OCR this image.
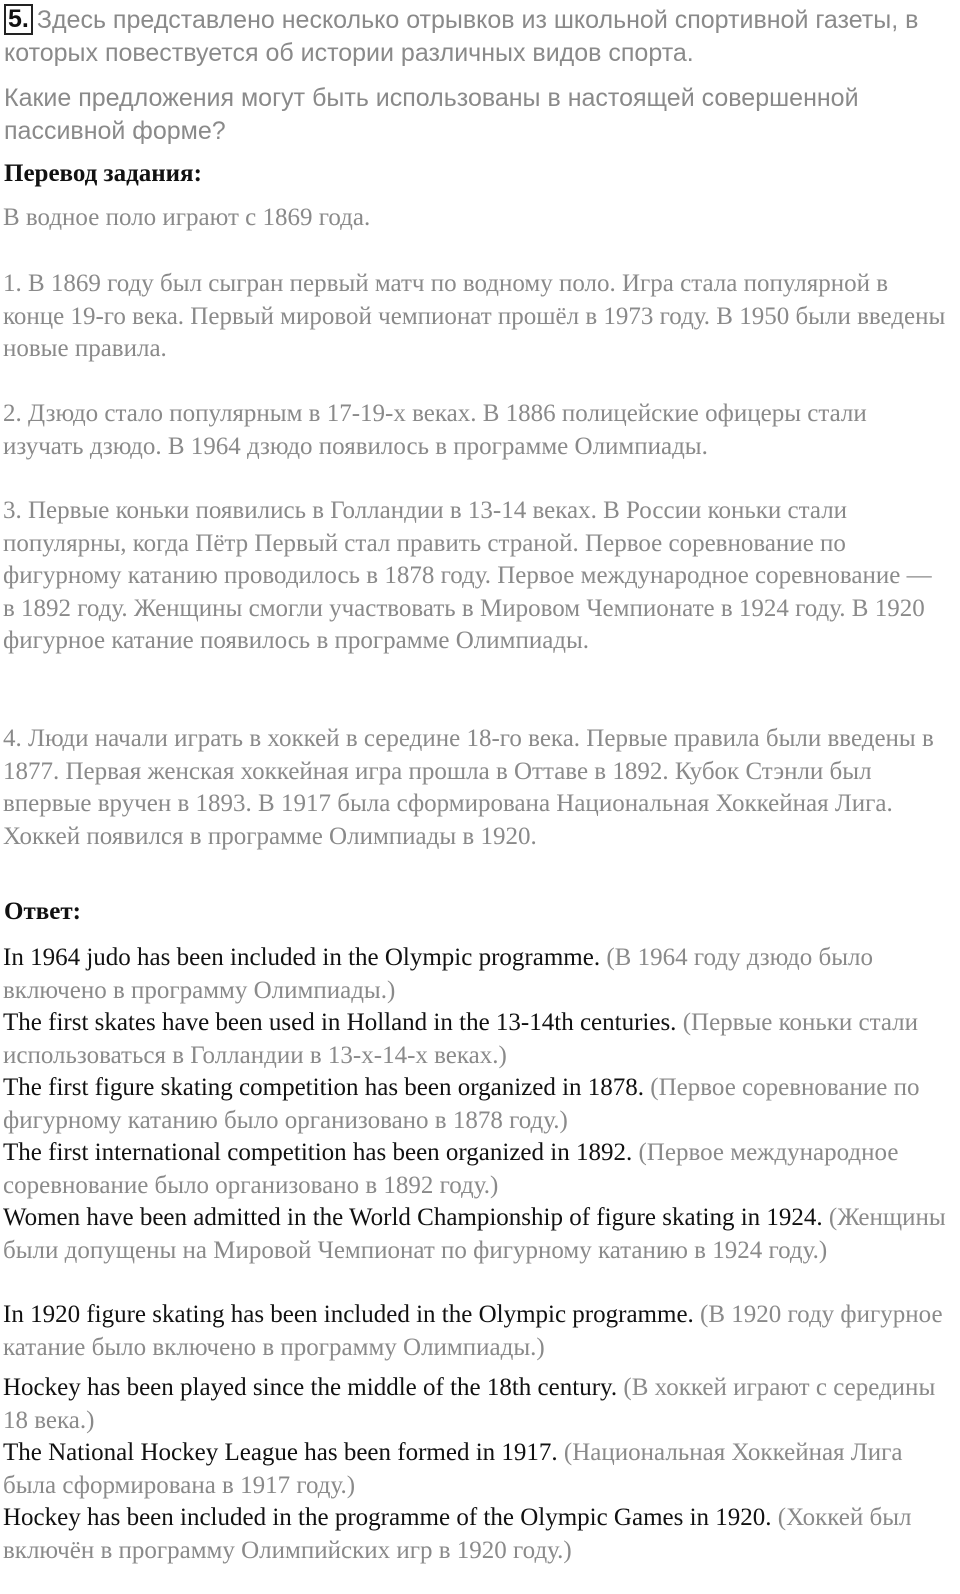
5. Здесь представлено несколько отрывков из школьной спортивной газеты, в которых повествуется об истории различных видов спорта.
Какие предложения могут быть использованы в настоящей совершенной пассивной форме?
Перевод задания:
В водное поло играют с 1869 года.
1. В 1869 году был сыгран первый матч по водному поло. Игра стала популярной в конце 19-го века. Первый мировой чемпионат прошёл в 1973 году. В 1950 были введены новые правила.
2. Дзюдо стало популярным в 17-19-х веках. В 1886 полицейские офицеры стали изучать дзюдо. В 1964 дзюдо появилось в программе Олимпиады.
3. Первые коньки появились в Голландии в 13-14 веках. В России коньки стали популярны, когда Пётр Первый стал править страной. Первое соревнование по фигурному катанию проводилось в 1878 году. Первое международное соревнование — в 1892 году. Женщины смогли участвовать в Мировом Чемпионате в 1924 году. В 1920 фигурное катание появилось в программе Олимпиады.
4. Люди начали играть в хоккей в середине 18-го века. Первые правила были введены в 1877. Первая женская хоккейная игра прошла в Оттаве в 1892. Кубок Стэнли был впервые вручен в 1893. В 1917 была сформирована Национальная Хоккейная Лига. Хоккей появился в программе Олимпиады в 1920.
Ответ:
In 1964 judo has been included in the Olympic programme. (В 1964 году дзюдо было включено в программу Олимпиады.)
The first skates have been used in Holland in the 13-14th centuries. (Первые коньки стали использоваться в Голландии в 13-х-14-х веках.)
The first figure skating competition has been organized in 1878. (Первое соревнование по фигурному катанию было организовано в 1878 году.)
The first international competition has been organized in 1892. (Первое международное соревнование было организовано в 1892 году.)
Women have been admitted in the World Championship of figure skating in 1924. (Женщины были допущены на Мировой Чемпионат по фигурному катанию в 1924 году.)
In 1920 figure skating has been included in the Olympic programme. (В 1920 году фигурное катание было включено в программу Олимпиады.)
Hockey has been played since the middle of the 18th century. (В хоккей играют с середины 18 века.)
The National Hockey League has been formed in 1917. (Национальная Хоккейная Лига была сформирована в 1917 году.)
Hockey has been included in the programme of the Olympic Games in 1920. (Хоккей был включён в программу Олимпийских игр в 1920 году.)
